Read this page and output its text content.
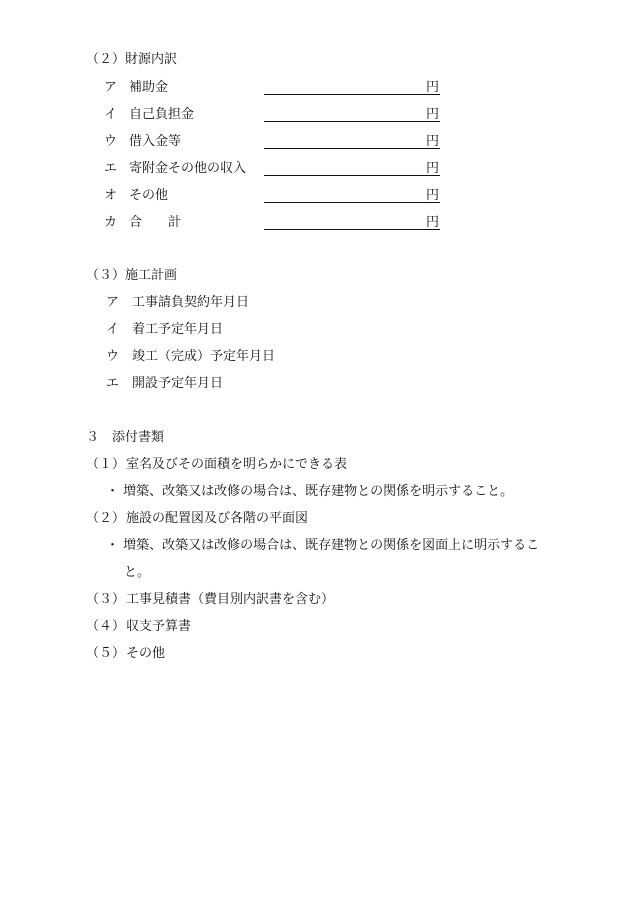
（２）財源内訳
ア 補助金	円
イ 自己負担金	円
ウ 借入金等	円
エ 寄附金その他の収入	円
オ その他	円
カ 合　　計	円
（３）施工計画
ア 工事請負契約年月日
イ 着工予定年月日
ウ 竣工（完成）予定年月日
エ 開設予定年月日
３　添付書類
（１） 室名及びその面積を明らかにできる表
・ 増築、改築又は改修の場合は、既存建物との関係を明示すること。
（２） 施設の配置図及び各階の平面図
・ 増築、改築又は改修の場合は、既存建物との関係を図面上に明示するこ
と。
（３） 工事見積書（費目別内訳書を含む）
（４） 収支予算書
（５） その他
